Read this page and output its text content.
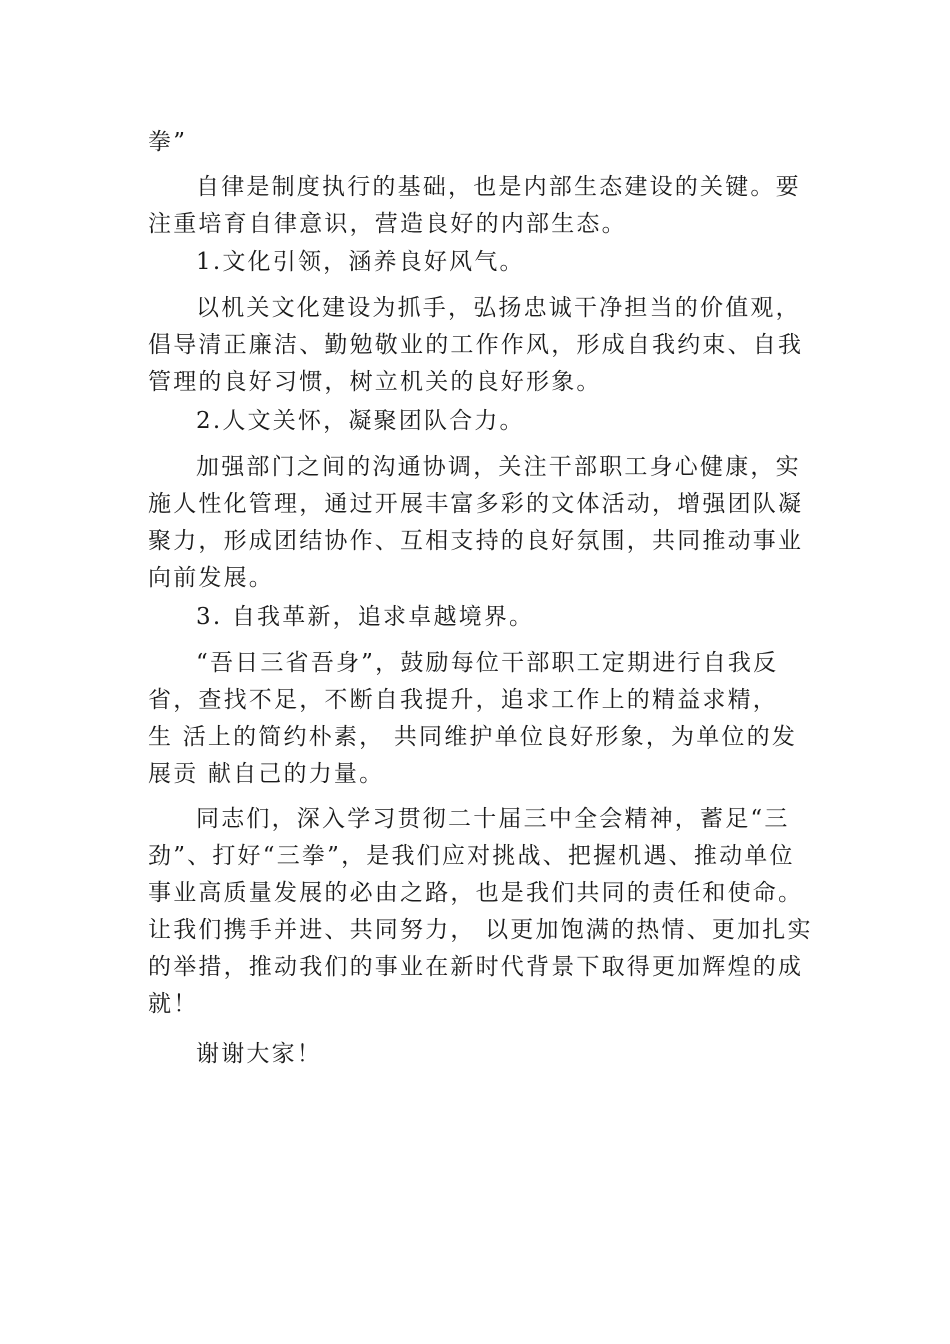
拳”
自律是制度执行的基础，也是内部生态建设的关键。要
注重培育自律意识，营造良好的内部生态。
1.文化引领，涵养良好风气。
以机关文化建设为抓手，弘扬忠诚干净担当的价值观，
倡导清正廉洁、勤勉敬业的工作作风，形成自我约束、自我
管理的良好习惯，树立机关的良好形象。
2.人文关怀，凝聚团队合力。
加强部门之间的沟通协调，关注干部职工身心健康，实
施人性化管理，通过开展丰富多彩的文体活动，增强团队凝
聚力，形成团结协作、互相支持的良好氛围，共同推动事业
向前发展。
3. 自我革新，追求卓越境界。
“吾日三省吾身”，鼓励每位干部职工定期进行自我反
省，查找不足，不断自我提升，追求工作上的精益求精，
生 活上的简约朴素， 共同维护单位良好形象，为单位的发
展贡 献自己的力量。
同志们，深入学习贯彻二十届三中全会精神，蓄足“三
劲”、打好“三拳”，是我们应对挑战、把握机遇、推动单位
事业高质量发展的必由之路，也是我们共同的责任和使命。
让我们携手并进、共同努力， 以更加饱满的热情、更加扎实
的举措，推动我们的事业在新时代背景下取得更加辉煌的成
就！
谢谢大家！
